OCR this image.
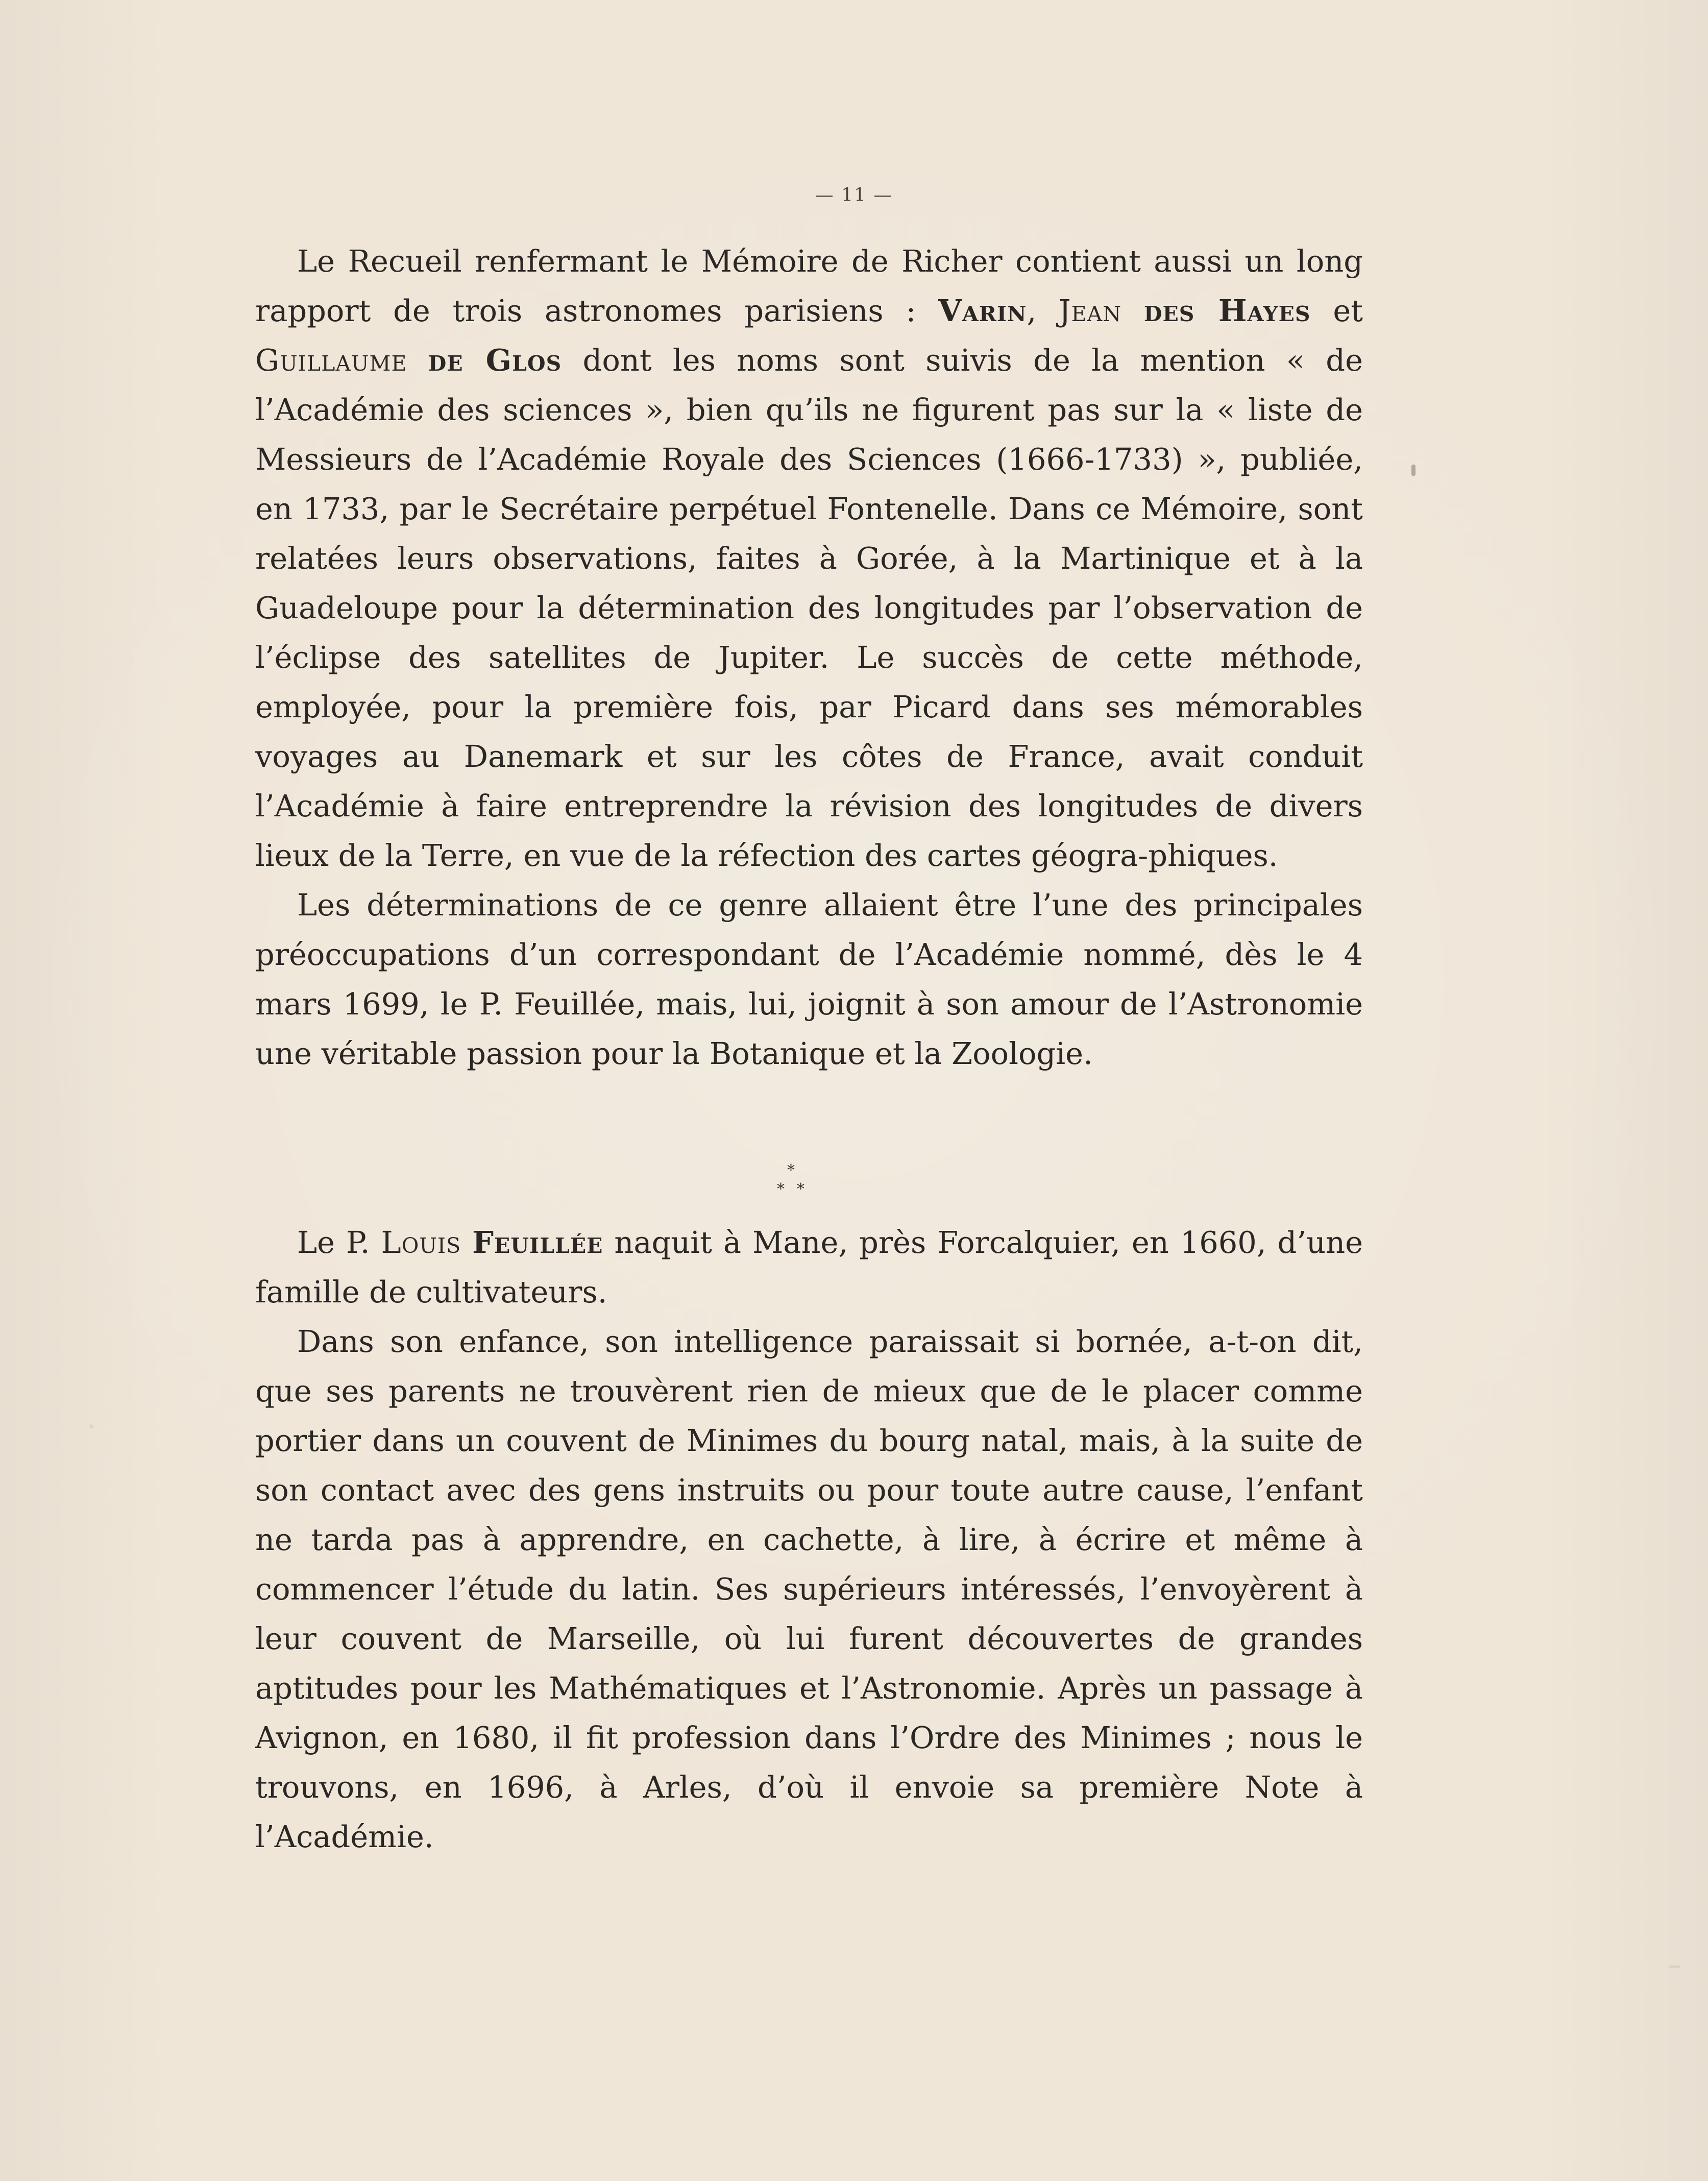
— 11 —

Le Recueil renfermant le Mémoire de Richer contient aussi un long rapport de trois astronomes parisiens : Varin, Jean des Hayes et Guillaume de Glos dont les noms sont suivis de la mention « de l’Académie des sciences », bien qu’ils ne figurent pas sur la « liste de Messieurs de l’Académie Royale des Sciences (1666-1733) », publiée, en 1733, par le Secrétaire perpétuel Fontenelle. Dans ce Mémoire, sont relatées leurs observations, faites à Gorée, à la Martinique et à la Guadeloupe pour la détermination des longitudes par l’observation de l’éclipse des satellites de Jupiter. Le succès de cette méthode, employée, pour la première fois, par Picard dans ses mémorables voyages au Danemark et sur les côtes de France, avait conduit l’Académie à faire entreprendre la révision des longitudes de divers lieux de la Terre, en vue de la réfection des cartes géogra-phiques.

Les déterminations de ce genre allaient être l’une des principales préoccupations d’un correspondant de l’Académie nommé, dès le 4 mars 1699, le P. Feuillée, mais, lui, joignit à son amour de l’Astronomie une véritable passion pour la Botanique et la Zoologie.

*
* *

Le P. Louis Feuillée naquit à Mane, près Forcalquier, en 1660, d’une famille de cultivateurs.

Dans son enfance, son intelligence paraissait si bornée, a-t-on dit, que ses parents ne trouvèrent rien de mieux que de le placer comme portier dans un couvent de Minimes du bourg natal, mais, à la suite de son contact avec des gens instruits ou pour toute autre cause, l’enfant ne tarda pas à apprendre, en cachette, à lire, à écrire et même à commencer l’étude du latin. Ses supérieurs intéressés, l’envoyèrent à leur couvent de Marseille, où lui furent découvertes de grandes aptitudes pour les Mathématiques et l’Astronomie. Après un passage à Avignon, en 1680, il fit profession dans l’Ordre des Minimes ; nous le trouvons, en 1696, à Arles, d’où il envoie sa première Note à l’Académie.
